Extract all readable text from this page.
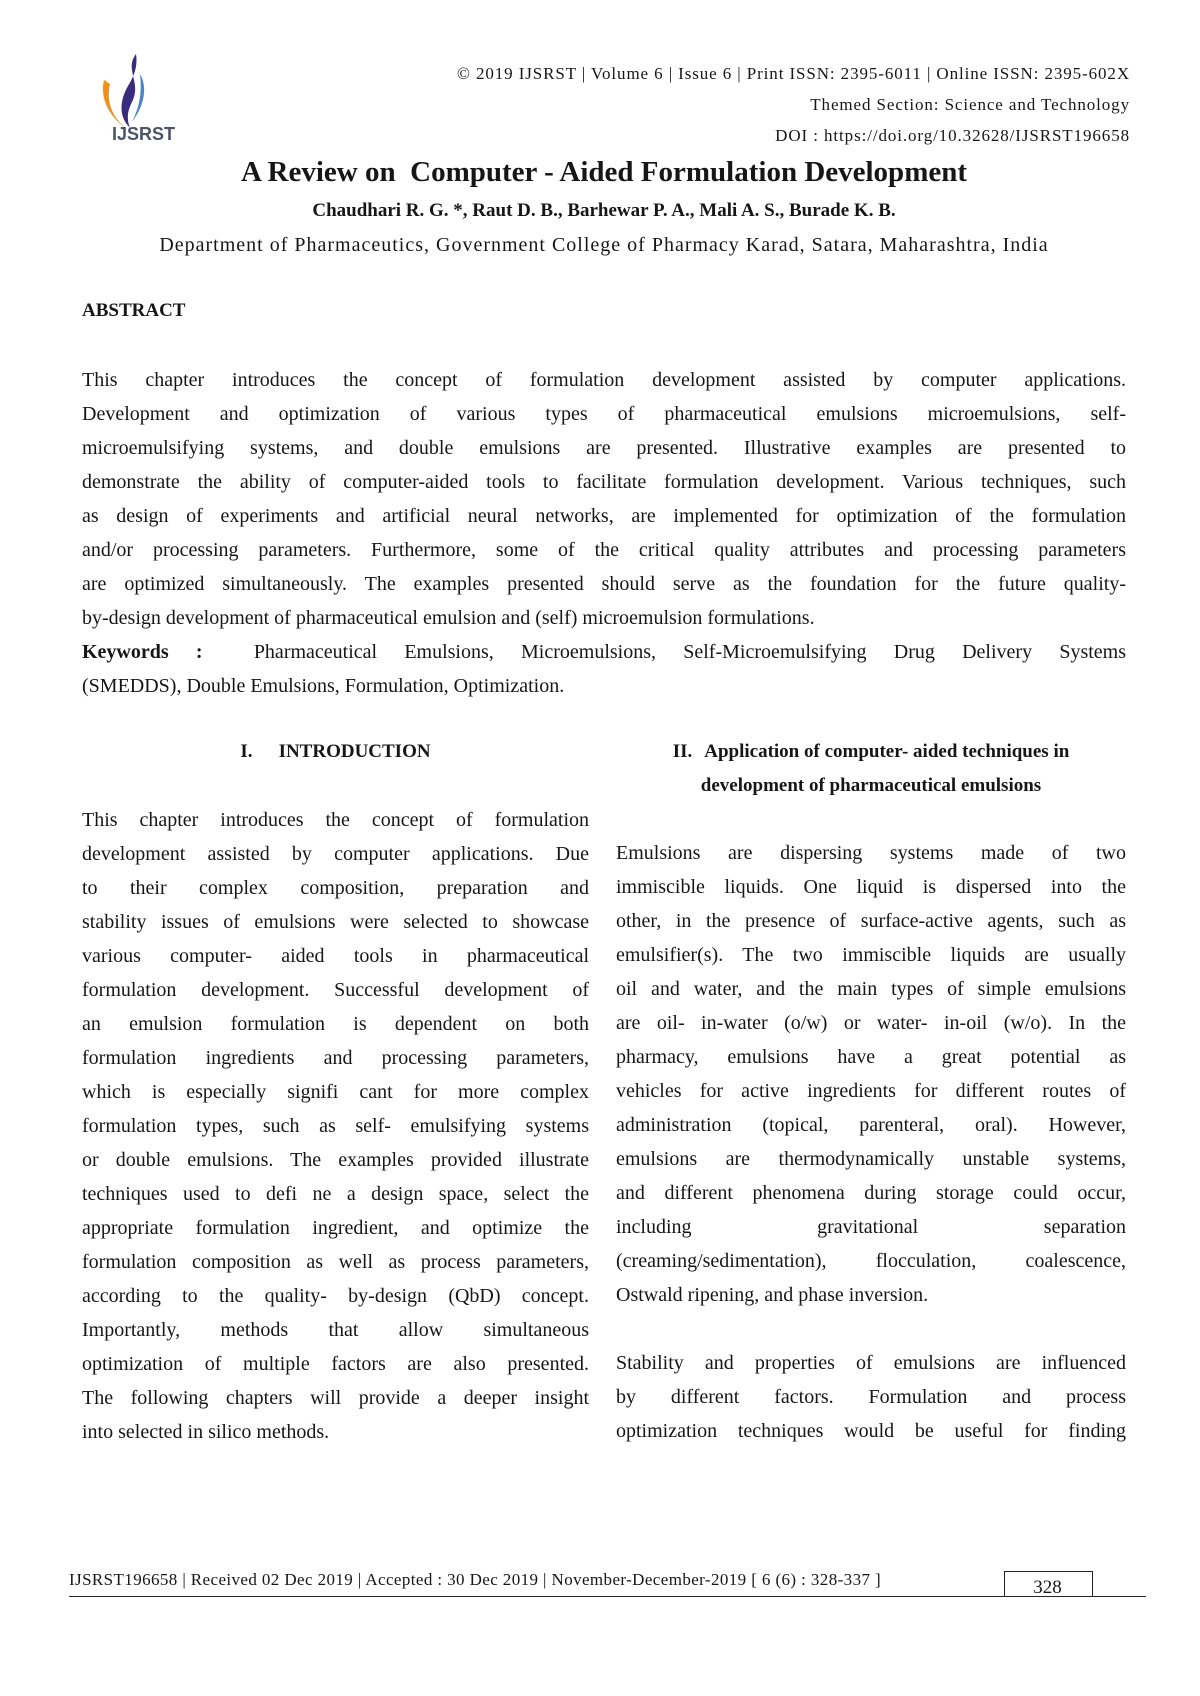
IJSRST
© 2019 IJSRST | Volume 6 | Issue 6 | Print ISSN: 2395-6011 | Online ISSN: 2395-602X
Themed Section: Science and Technology
DOI : https://doi.org/10.32628/IJSRST196658
A Review on  Computer - Aided Formulation Development
Chaudhari R. G. *, Raut D. B., Barhewar P. A., Mali A. S., Burade K. B.
Department of Pharmaceutics, Government College of Pharmacy Karad, Satara, Maharashtra, India
ABSTRACT
This chapter introduces the concept of formulation development assisted by computer applications.
Development and optimization of various types of pharmaceutical emulsions microemulsions, self-
microemulsifying systems, and double emulsions are presented. Illustrative examples are presented to
demonstrate the ability of computer-aided tools to facilitate formulation development. Various techniques, such
as design of experiments and artificial neural networks, are implemented for optimization of the formulation
and/or processing parameters. Furthermore, some of the critical quality attributes and processing parameters
are optimized simultaneously. The examples presented should serve as the foundation for the future quality-
by-design development of pharmaceutical emulsion and (self) microemulsion formulations.
Keywords :	Pharmaceutical Emulsions, Microemulsions, Self-Microemulsifying Drug Delivery Systems
(SMEDDS), Double Emulsions, Formulation, Optimization.
I. INTRODUCTION	II. Application of computer- aided techniques in
development of pharmaceutical emulsions
This chapter introduces the concept of formulation
development assisted by computer applications. Due
to their complex composition, preparation and
stability issues of emulsions were selected to showcase
various computer- aided tools in pharmaceutical
formulation development. Successful development of
an emulsion formulation is dependent on both
formulation ingredients and processing parameters,
which is especially signifi cant for more complex
formulation types, such as self- emulsifying systems
or double emulsions. The examples provided illustrate
techniques used to defi ne a design space, select the
appropriate formulation ingredient, and optimize the
formulation composition as well as process parameters,
according to the quality- by-design (QbD) concept.
Importantly, methods that allow simultaneous
optimization of multiple factors are also presented.
The following chapters will provide a deeper insight
into selected in silico methods.
Emulsions are dispersing systems made of two
immiscible liquids. One liquid is dispersed into the
other, in the presence of surface-active agents, such as
emulsifier(s). The two immiscible liquids are usually
oil and water, and the main types of simple emulsions
are oil- in-water (o/w) or water- in-oil (w/o). In the
pharmacy, emulsions have a great potential as
vehicles for active ingredients for different routes of
administration (topical, parenteral, oral). However,
emulsions are thermodynamically unstable systems,
and different phenomena during storage could occur,
including gravitational separation
(creaming/sedimentation), flocculation, coalescence,
Ostwald ripening, and phase inversion.
Stability and properties of emulsions are influenced
by different factors. Formulation and process
optimization techniques would be useful for finding
IJSRST196658 | Received 02 Dec 2019 | Accepted : 30 Dec 2019 | November-December-2019 [ 6 (6) : 328-337 ]	328
